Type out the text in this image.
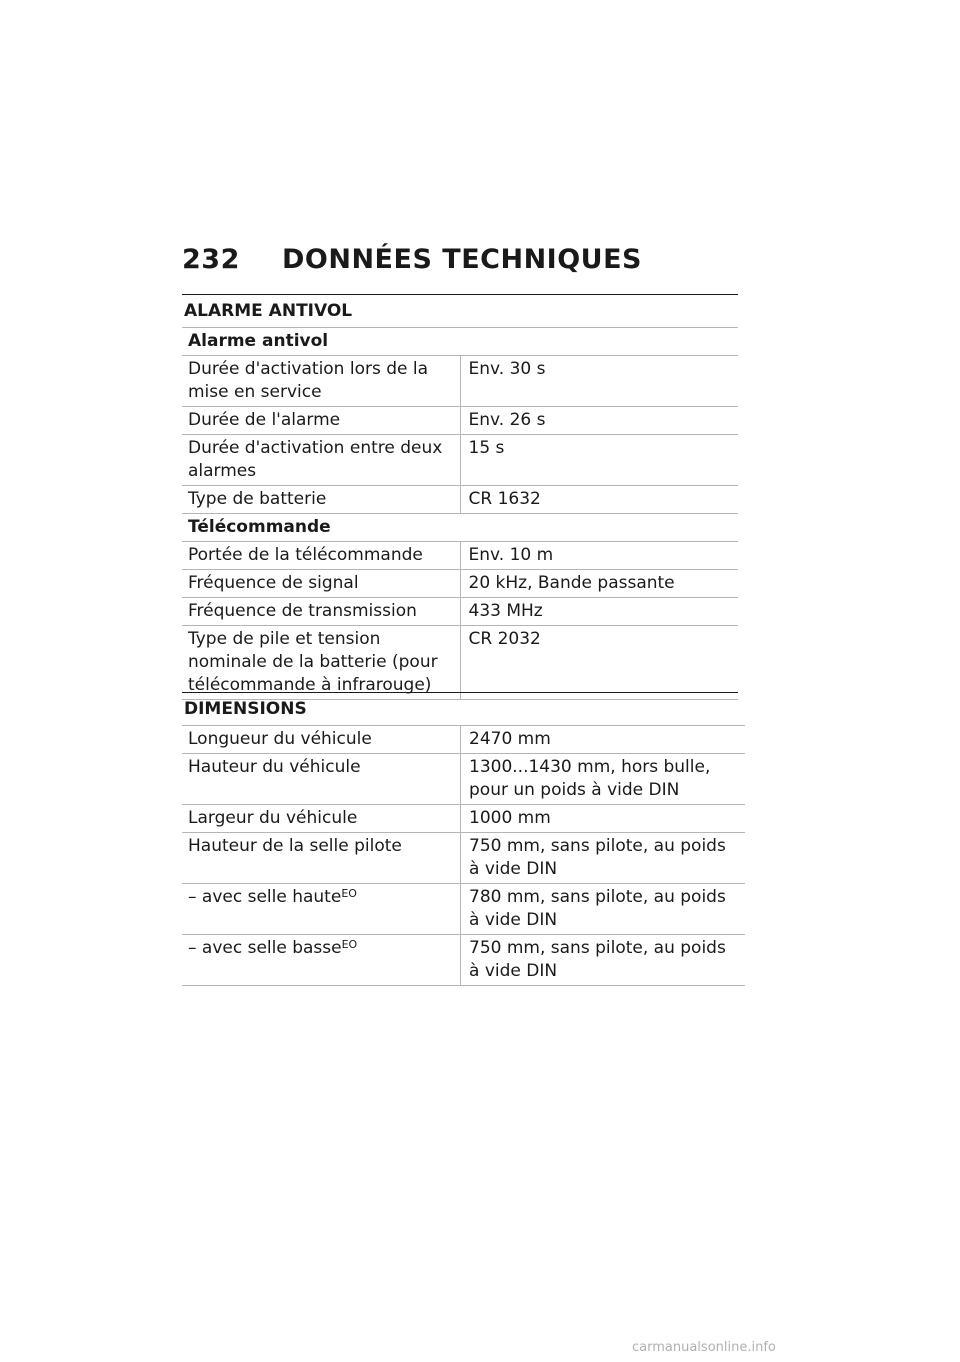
232 DONNÉES TECHNIQUES
ALARME ANTIVOL
Alarme antivol	
Durée d'activation lors de la mise en service	Env. 30 s
Durée de l'alarme	Env. 26 s
Durée d'activation entre deux alarmes	15 s
Type de batterie	CR 1632
Télécommande	
Portée de la télécommande	Env. 10 m
Fréquence de signal	20 kHz, Bande passante
Fréquence de transmission	433 MHz
Type de pile et tension nominale de la batterie (pour télécommande à infrarouge)	CR 2032
DIMENSIONS
Longueur du véhicule	2470 mm
Hauteur du véhicule	1300...1430 mm, hors bulle, pour un poids à vide DIN
Largeur du véhicule	1000 mm
Hauteur de la selle pilote	750 mm, sans pilote, au poids à vide DIN
– avec selle haute$^{EO}$	780 mm, sans pilote, au poids à vide DIN
– avec selle basse$^{EO}$	750 mm, sans pilote, au poids à vide DIN
carmanualsonline.info
